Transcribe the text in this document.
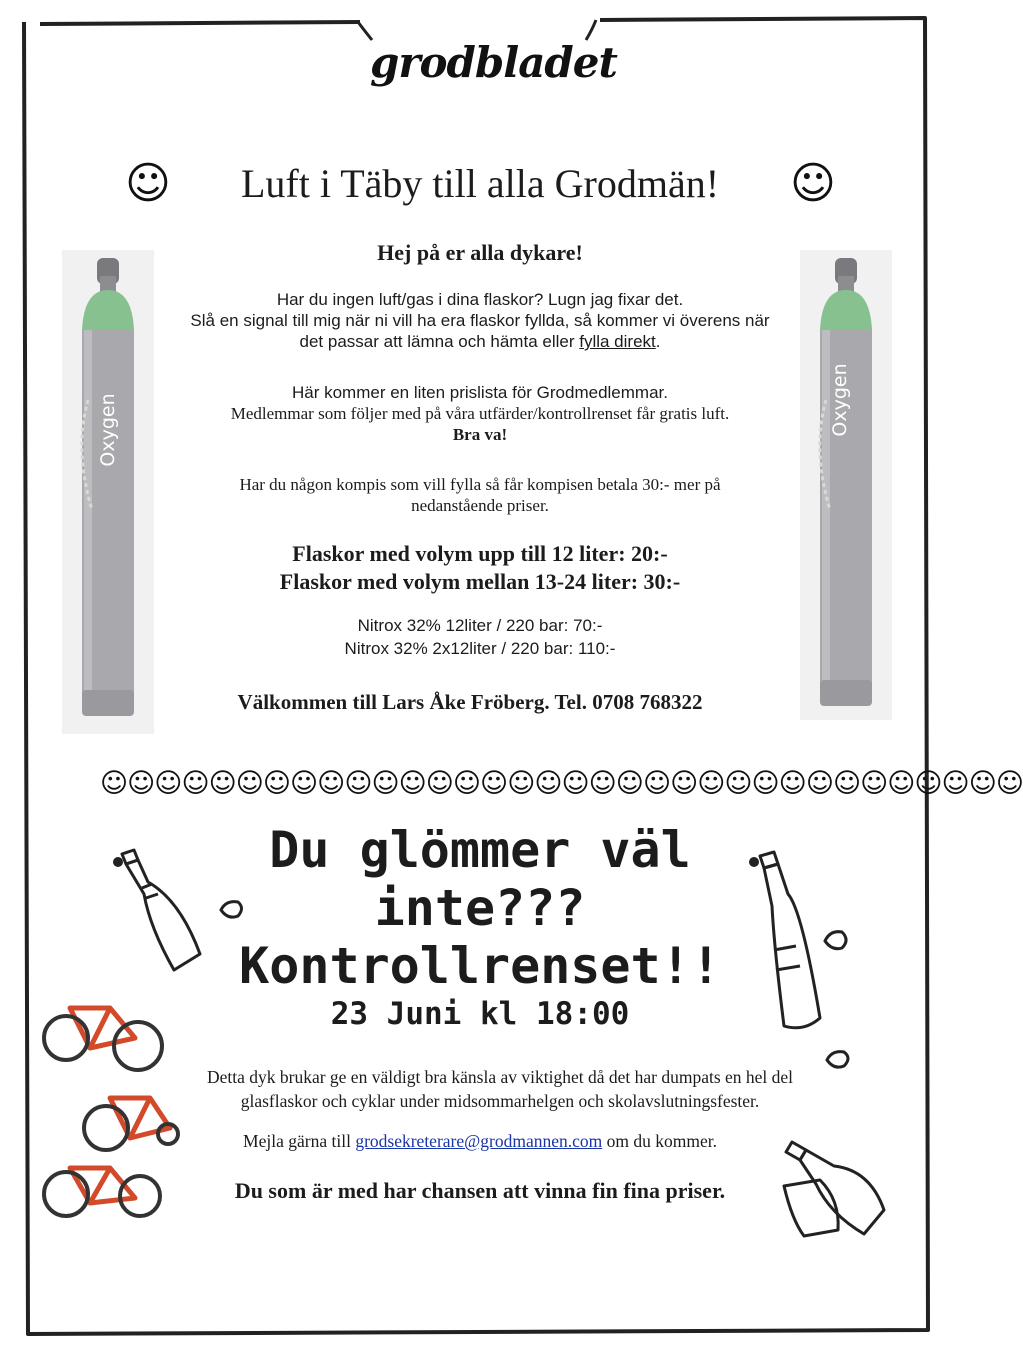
grodbladet
☺ Luft i Täby till alla Grodmän! ☺
Oxygen	Oxygen
Hej på er alla dykare!
Har du ingen luft/gas i dina flaskor? Lugn jag fixar det.
Slå en signal till mig när ni vill ha era flaskor fyllda, så kommer vi överens när
det passar att lämna och hämta eller fylla direkt.
Här kommer en liten prislista för Grodmedlemmar.
Medlemmar som följer med på våra utfärder/kontrollrenset får gratis luft.
Bra va!
Har du någon kompis som vill fylla så får kompisen betala 30:- mer på
nedanstående priser.
Flaskor med volym upp till 12 liter: 20:-
Flaskor med volym mellan 13-24 liter: 30:-
Nitrox 32% 12liter / 220 bar: 70:-
Nitrox 32% 2x12liter / 220 bar: 110:-
Välkommen till Lars Åke Fröberg. Tel. 0708 768322
☺☺☺☺☺☺☺☺☺☺☺☺☺☺☺☺☺☺☺☺☺☺☺☺☺☺☺☺☺☺☺☺☺☺
Du glömmer väl
inte???
Kontrollrenset!!
23 Juni kl 18:00
Detta dyk brukar ge en väldigt bra känsla av viktighet då det har dumpats en hel del
glasflaskor och cyklar under midsommarhelgen och skolavslutningsfester.
Mejla gärna till grodsekreterare@grodmannen.com om du kommer.
Du som är med har chansen att vinna fin fina priser.
